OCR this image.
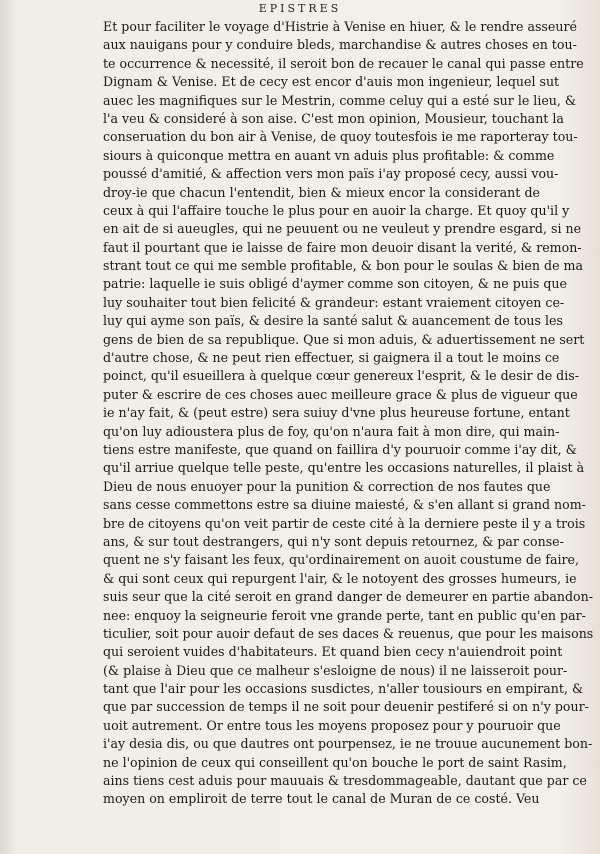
EPISTRES
Et pour faciliter le voyage d'Histrie à Venise en hiuer, & le rendre asseuré
aux nauigans pour y conduire bleds, marchandise & autres choses en tou-
te occurrence & necessité, il seroit bon de recauer le canal qui passe entre
Dignam & Venise. Et de cecy est encor d'auis mon ingenieur, lequel sut
auec les magnifiques sur le Mestrin, comme celuy qui a esté sur le lieu, &
l'a veu & consideré à son aise. C'est mon opinion, Mousieur, touchant la
conseruation du bon air à Venise, de quoy toutesfois ie me raporteray tou-
siours à quiconque mettra en auant vn aduis plus profitable: & comme
poussé d'amitié, & affection vers mon païs i'ay proposé cecy, aussi vou-
droy-ie que chacun l'entendit, bien & mieux encor la considerant de
ceux à qui l'affaire touche le plus pour en auoir la charge. Et quoy qu'il y
en ait de si aueugles, qui ne peuuent ou ne veuleut y prendre esgard, si ne
faut il pourtant que ie laisse de faire mon deuoir disant la verité, & remon-
strant tout ce qui me semble profitable, & bon pour le soulas & bien de ma
patrie: laquelle ie suis obligé d'aymer comme son citoyen, & ne puis que
luy souhaiter tout bien felicité & grandeur: estant vraiement citoyen ce-
luy qui ayme son païs, & desire la santé salut & auancement de tous les
gens de bien de sa republique. Que si mon aduis, & aduertissement ne sert
d'autre chose, & ne peut rien effectuer, si gaignera il a tout le moins ce
poinct, qu'il esueillera à quelque cœur genereux l'esprit, & le desir de dis-
puter & escrire de ces choses auec meilleure grace & plus de vigueur que
ie n'ay fait, & (peut estre) sera suiuy d'vne plus heureuse fortune, entant
qu'on luy adioustera plus de foy, qu'on n'aura fait à mon dire, qui main-
tiens estre manifeste, que quand on faillira d'y pouruoir comme i'ay dit, &
qu'il arriue quelque telle peste, qu'entre les occasions naturelles, il plaist à
Dieu de nous enuoyer pour la punition & correction de nos fautes que
sans cesse commettons estre sa diuine maiesté, & s'en allant si grand nom-
bre de citoyens qu'on veit partir de ceste cité à la derniere peste il y a trois
ans, & sur tout destrangers, qui n'y sont depuis retournez, & par conse-
quent ne s'y faisant les feux, qu'ordinairement on auoit coustume de faire,
& qui sont ceux qui repurgent l'air, & le notoyent des grosses humeurs, ie
suis seur que la cité seroit en grand danger de demeurer en partie abandon-
nee: enquoy la seigneurie feroit vne grande perte, tant en public qu'en par-
ticulier, soit pour auoir defaut de ses daces & reuenus, que pour les maisons
qui seroient vuides d'habitateurs. Et quand bien cecy n'auiendroit point
(& plaise à Dieu que ce malheur s'esloigne de nous) il ne laisseroit pour-
tant que l'air pour les occasions susdictes, n'aller tousiours en empirant, &
que par succession de temps il ne soit pour deuenir pestiferé si on n'y pour-
uoit autrement. Or entre tous les moyens proposez pour y pouruoir que
i'ay desia dis, ou que dautres ont pourpensez, ie ne trouue aucunement bon-
ne l'opinion de ceux qui conseillent qu'on bouche le port de saint Rasim,
ains tiens cest aduis pour mauuais & tresdommageable, dautant que par ce
moyen on empliroit de terre tout le canal de Muran de ce costé. Veu
